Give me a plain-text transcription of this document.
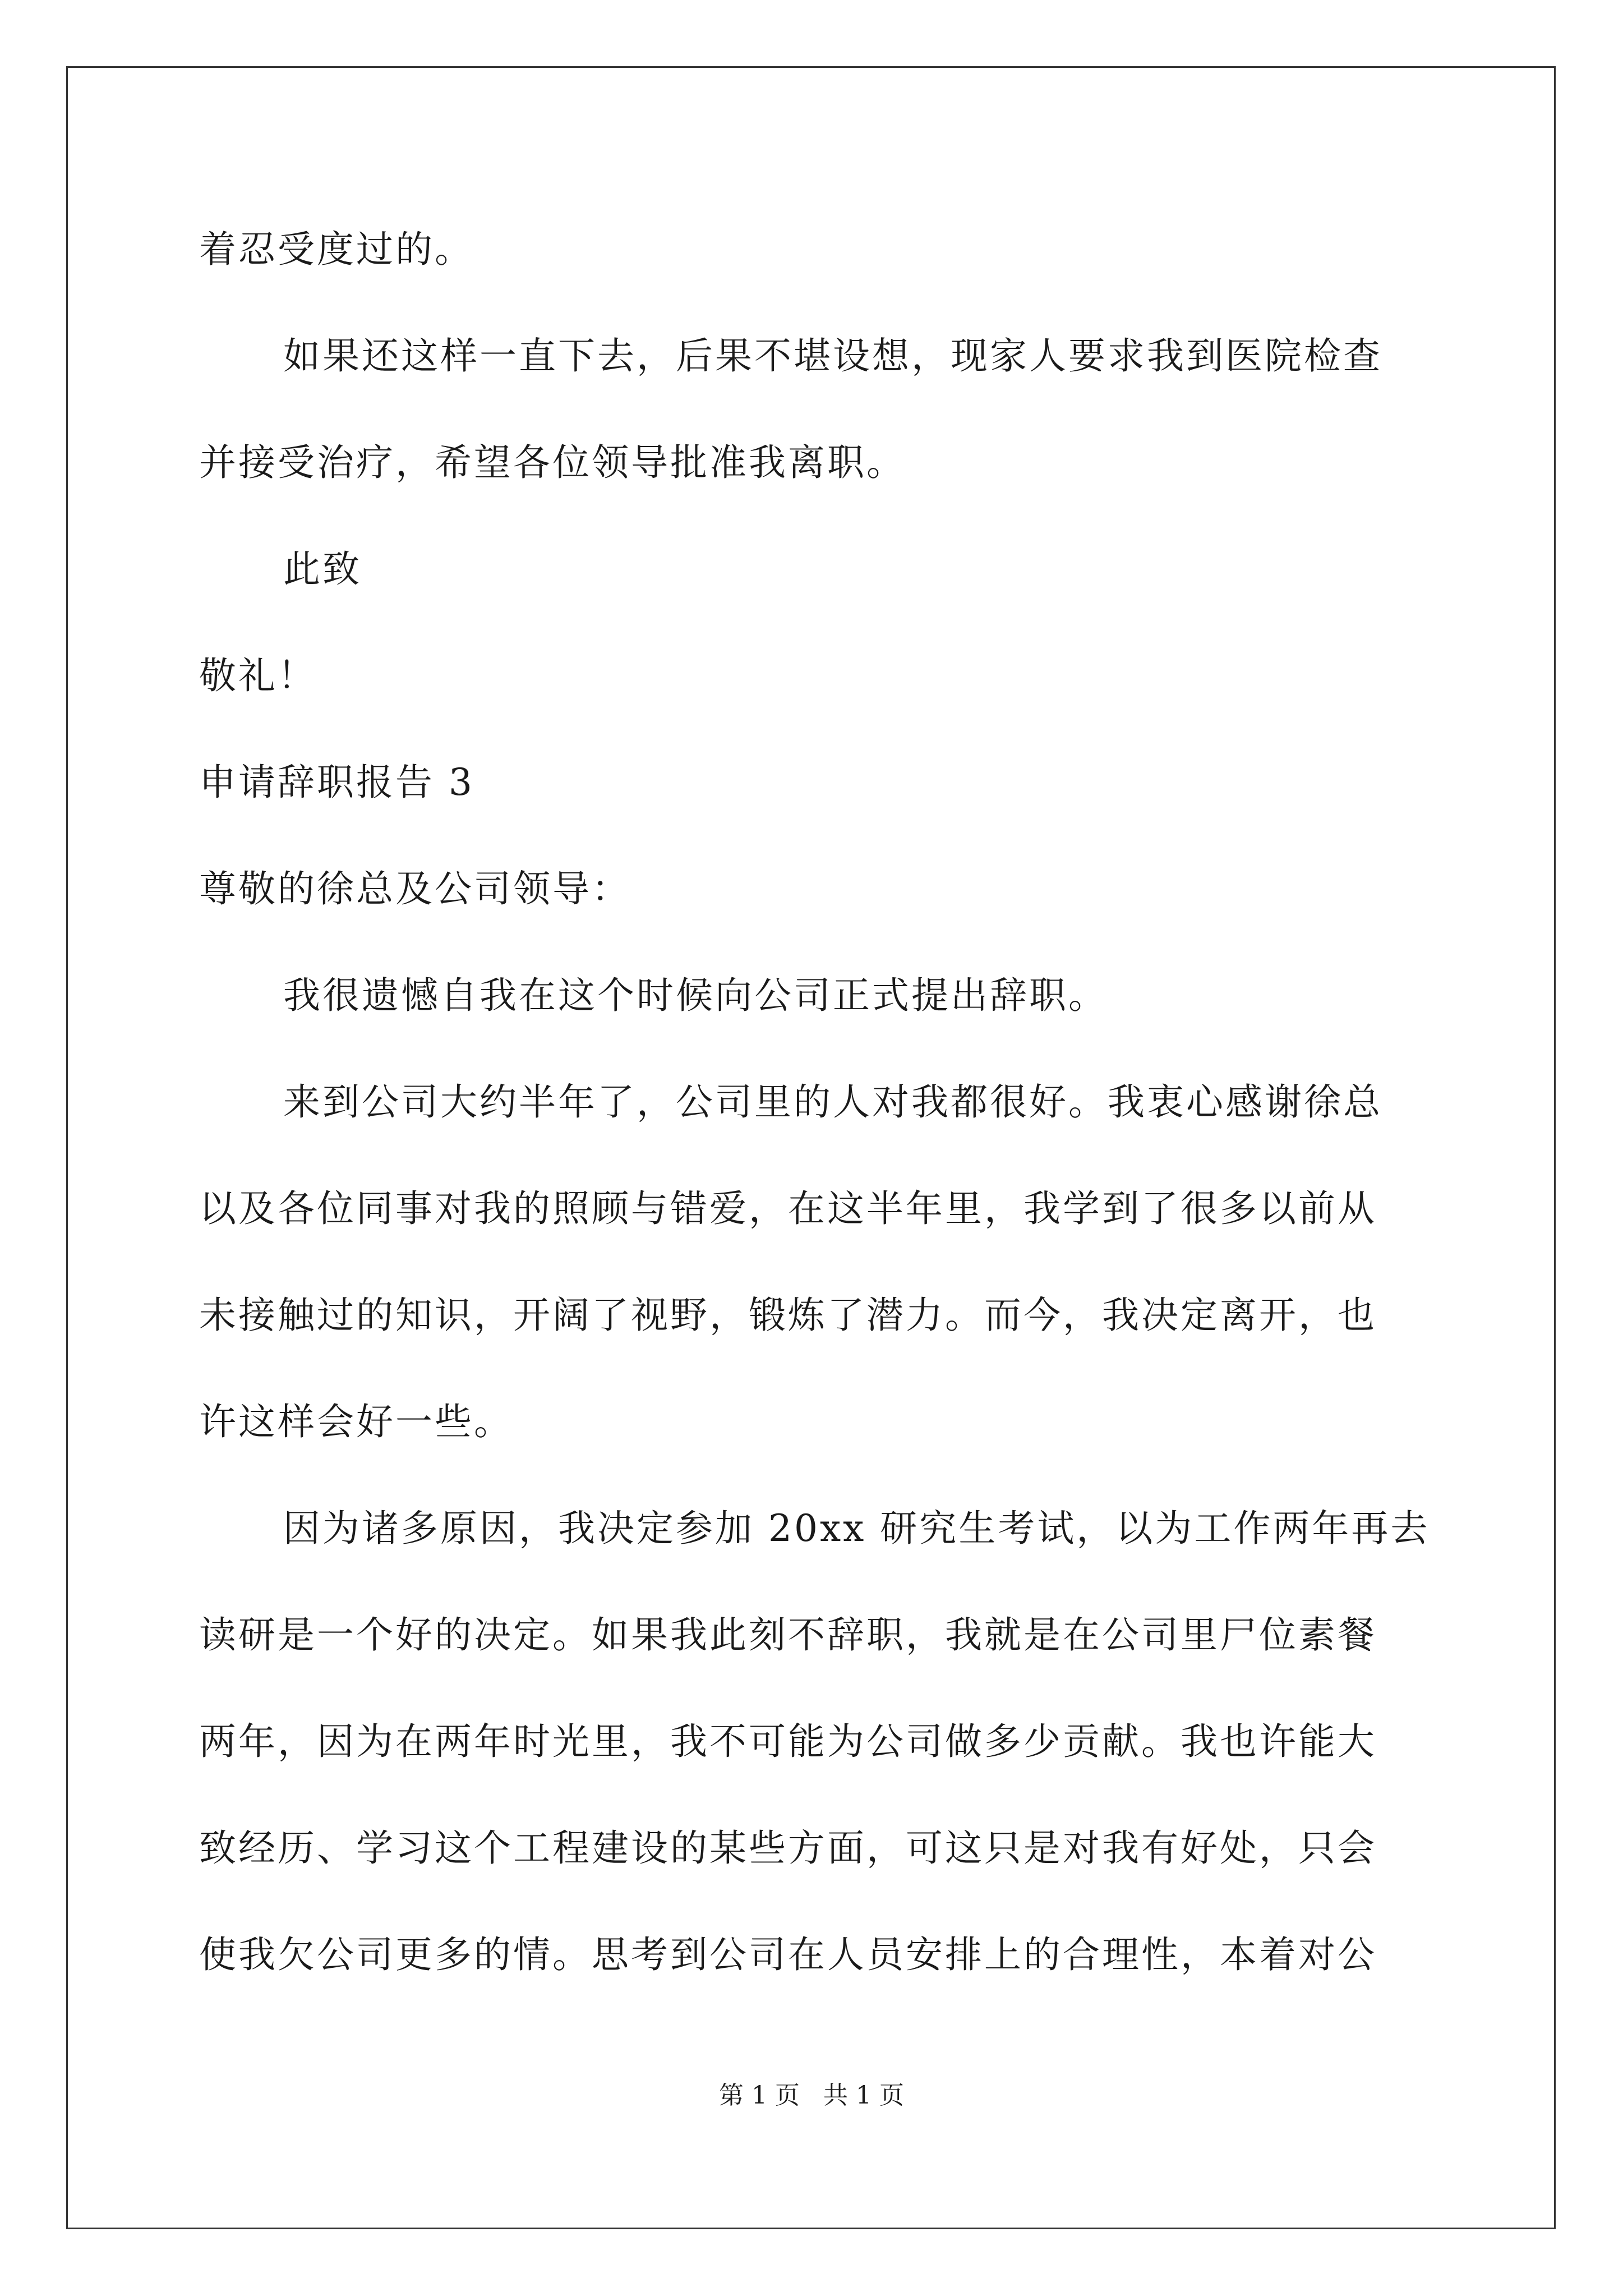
着忍受度过的。
如果还这样一直下去，后果不堪设想，现家人要求我到医院检查
并接受治疗，希望各位领导批准我离职。
此致
敬礼！
申请辞职报告 3
尊敬的徐总及公司领导：
我很遗憾自我在这个时候向公司正式提出辞职。
来到公司大约半年了，公司里的人对我都很好。我衷心感谢徐总
以及各位同事对我的照顾与错爱，在这半年里，我学到了很多以前从
未接触过的知识，开阔了视野，锻炼了潜力。而今，我决定离开，也
许这样会好一些。
因为诸多原因，我决定参加 20xx 研究生考试，以为工作两年再去
读研是一个好的决定。如果我此刻不辞职，我就是在公司里尸位素餐
两年，因为在两年时光里，我不可能为公司做多少贡献。我也许能大
致经历、学习这个工程建设的某些方面，可这只是对我有好处，只会
使我欠公司更多的情。思考到公司在人员安排上的合理性，本着对公
第 1 页   共 1 页
